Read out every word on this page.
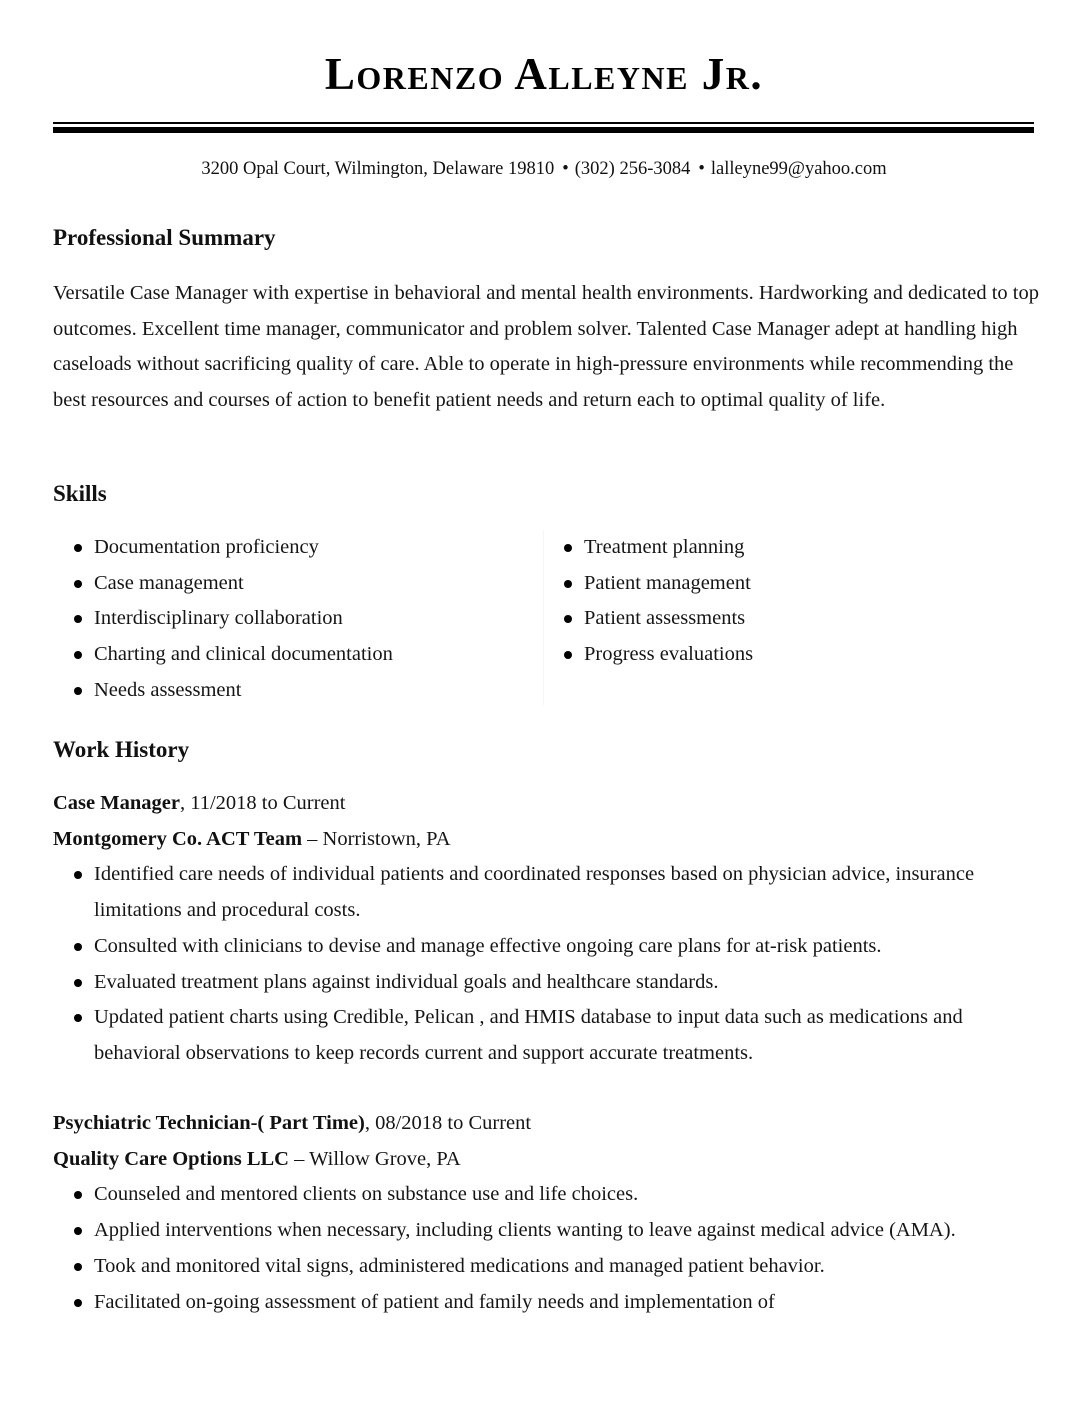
Lorenzo Alleyne Jr.
3200 Opal Court, Wilmington, Delaware 19810 • (302) 256-3084 • lalleyne99@yahoo.com
Professional Summary
Versatile Case Manager with expertise in behavioral and mental health environments. Hardworking and dedicated to top outcomes. Excellent time manager, communicator and problem solver. Talented Case Manager adept at handling high caseloads without sacrificing quality of care. Able to operate in high-pressure environments while recommending the best resources and courses of action to benefit patient needs and return each to optimal quality of life.
Skills
Documentation proficiency
Case management
Interdisciplinary collaboration
Charting and clinical documentation
Needs assessment
Treatment planning
Patient management
Patient assessments
Progress evaluations
Work History
Case Manager, 11/2018 to Current
Montgomery Co. ACT Team – Norristown, PA
Identified care needs of individual patients and coordinated responses based on physician advice, insurance limitations and procedural costs.
Consulted with clinicians to devise and manage effective ongoing care plans for at-risk patients.
Evaluated treatment plans against individual goals and healthcare standards.
Updated patient charts using Credible, Pelican , and HMIS database to input data such as medications and behavioral observations to keep records current and support accurate treatments.
Psychiatric Technician-( Part Time), 08/2018 to Current
Quality Care Options LLC – Willow Grove, PA
Counseled and mentored clients on substance use and life choices.
Applied interventions when necessary, including clients wanting to leave against medical advice (AMA).
Took and monitored vital signs, administered medications and managed patient behavior.
Facilitated on-going assessment of patient and family needs and implementation of
